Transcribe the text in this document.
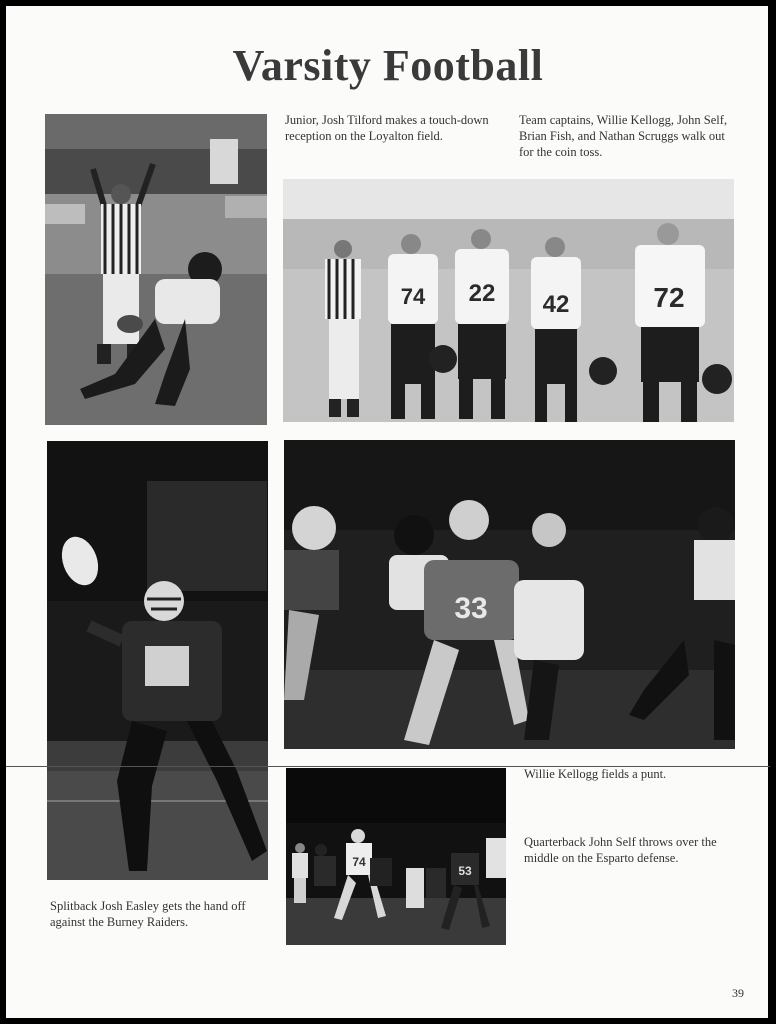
Varsity Football
74 22 42	72
33
74
53
Junior, Josh Tilford makes a touch-down reception on the Loyalton field.
Team captains, Willie Kellogg, John Self, Brian Fish, and Nathan Scruggs walk out for the coin toss.
Willie Kellogg fields a punt.
Quarterback John Self throws over the middle on the Esparto defense.
Splitback Josh Easley gets the hand off against the Burney Raiders.
39
